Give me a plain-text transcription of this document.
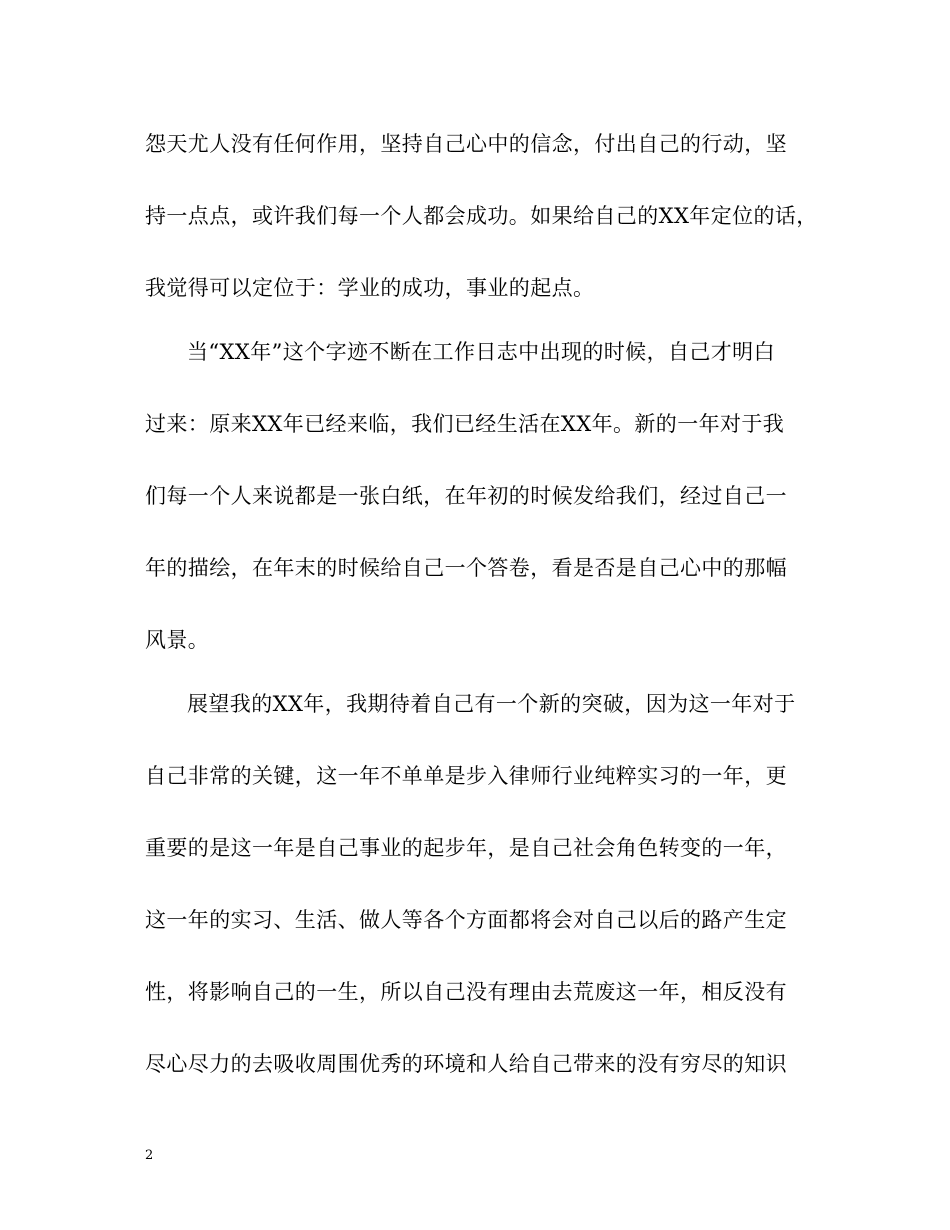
怨天尤人没有任何作用，坚持自己心中的信念，付出自己的行动，坚
持一点点，或许我们每一个人都会成功。如果给自己的XX年定位的话，
我觉得可以定位于：学业的成功，事业的起点。
当“XX年”这个字迹不断在工作日志中出现的时候，自己才明白
过来：原来XX年已经来临，我们已经生活在XX年。新的一年对于我
们每一个人来说都是一张白纸，在年初的时候发给我们，经过自己一
年的描绘，在年末的时候给自己一个答卷，看是否是自己心中的那幅
风景。
展望我的XX年，我期待着自己有一个新的突破，因为这一年对于
自己非常的关键，这一年不单单是步入律师行业纯粹实习的一年，更
重要的是这一年是自己事业的起步年，是自己社会角色转变的一年，
这一年的实习、生活、做人等各个方面都将会对自己以后的路产生定
性，将影响自己的一生，所以自己没有理由去荒废这一年，相反没有
尽心尽力的去吸收周围优秀的环境和人给自己带来的没有穷尽的知识
2
